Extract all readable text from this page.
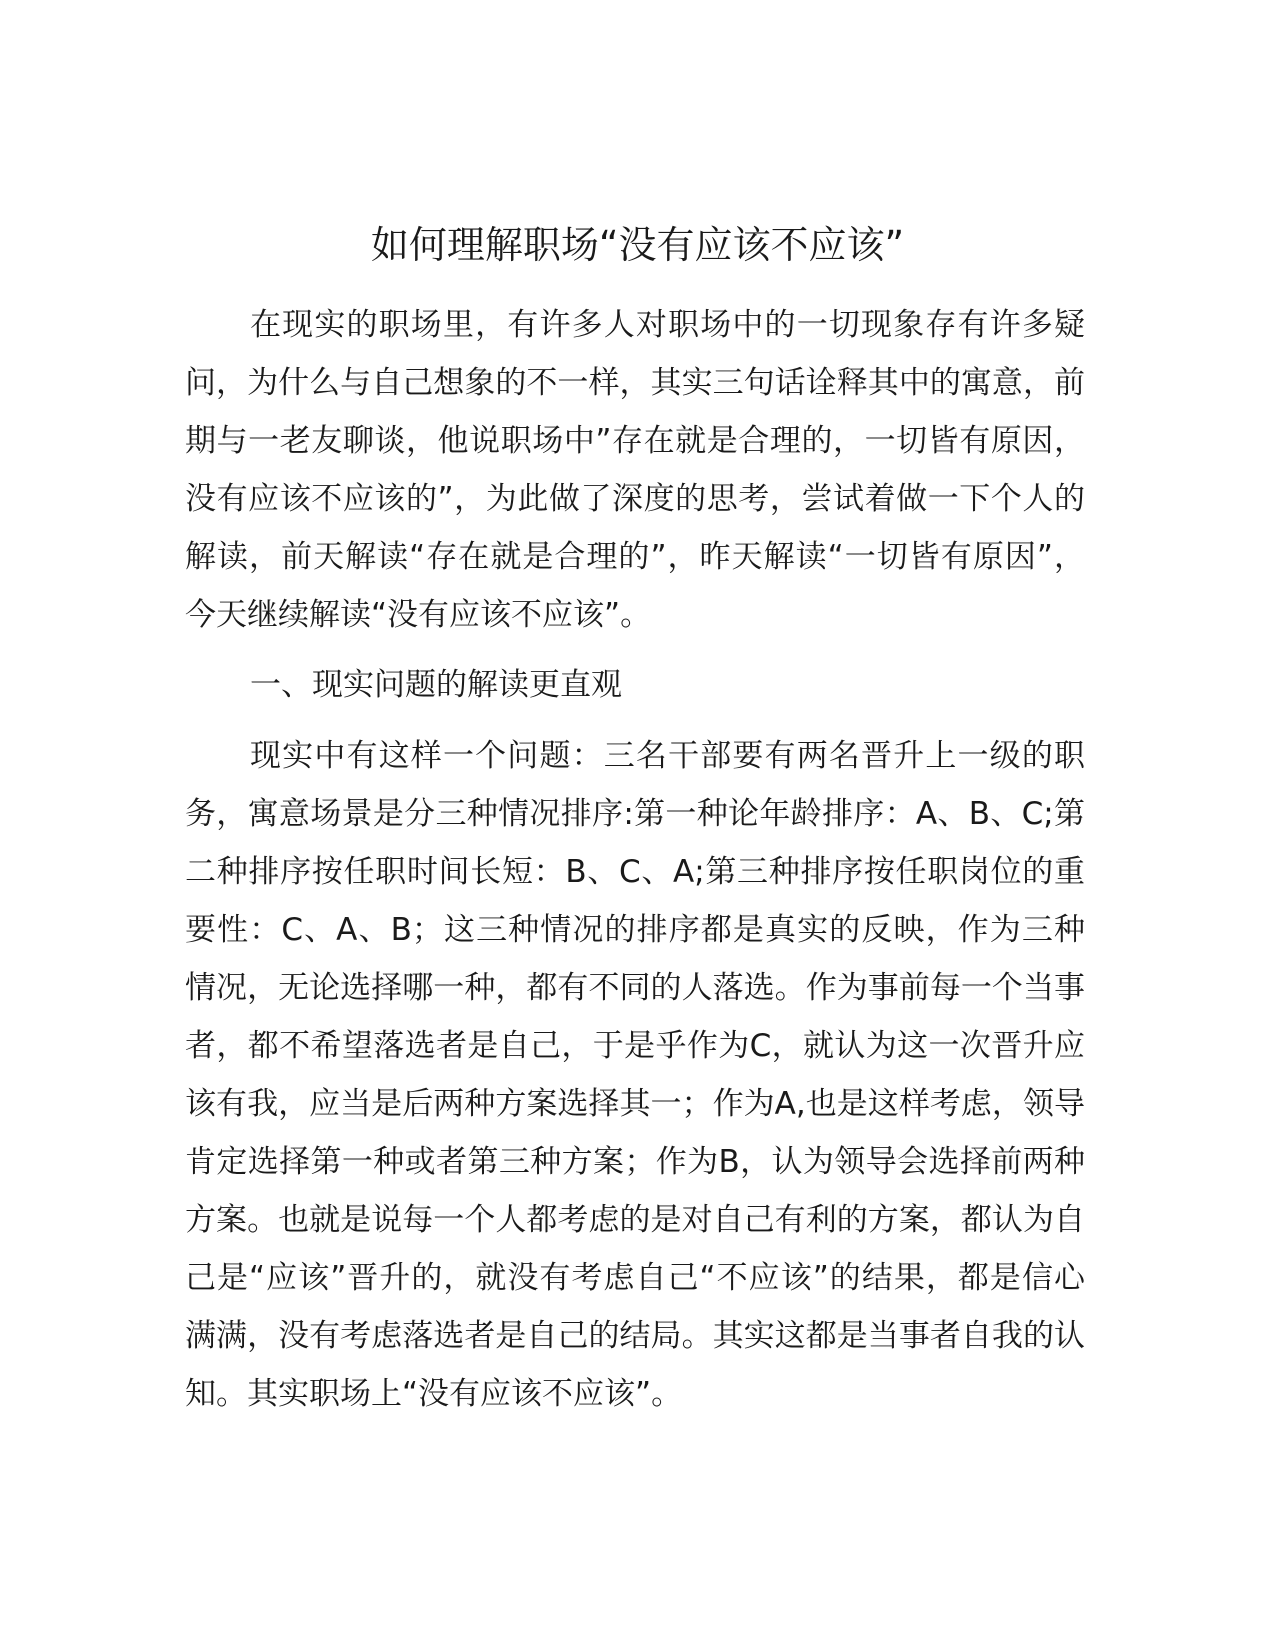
如何理解职场“没有应该不应该”

在现实的职场里，有许多人对职场中的一切现象存有许多疑问，为什么与自己想象的不一样，其实三句话诠释其中的寓意，前期与一老友聊谈，他说职场中”存在就是合理的，一切皆有原因，没有应该不应该的”，为此做了深度的思考，尝试着做一下个人的解读，前天解读“存在就是合理的”，昨天解读“一切皆有原因”，今天继续解读“没有应该不应该”。

一、现实问题的解读更直观

现实中有这样一个问题：三名干部要有两名晋升上一级的职务，寓意场景是分三种情况排序:第一种论年龄排序：A、B、C;第二种排序按任职时间长短：B、C、A;第三种排序按任职岗位的重要性：C、A、B；这三种情况的排序都是真实的反映，作为三种情况，无论选择哪一种，都有不同的人落选。作为事前每一个当事者，都不希望落选者是自己，于是乎作为C，就认为这一次晋升应该有我，应当是后两种方案选择其一；作为A,也是这样考虑，领导肯定选择第一种或者第三种方案；作为B，认为领导会选择前两种方案。也就是说每一个人都考虑的是对自己有利的方案，都认为自己是“应该”晋升的，就没有考虑自己“不应该”的结果，都是信心满满，没有考虑落选者是自己的结局。其实这都是当事者自我的认知。其实职场上“没有应该不应该”。
